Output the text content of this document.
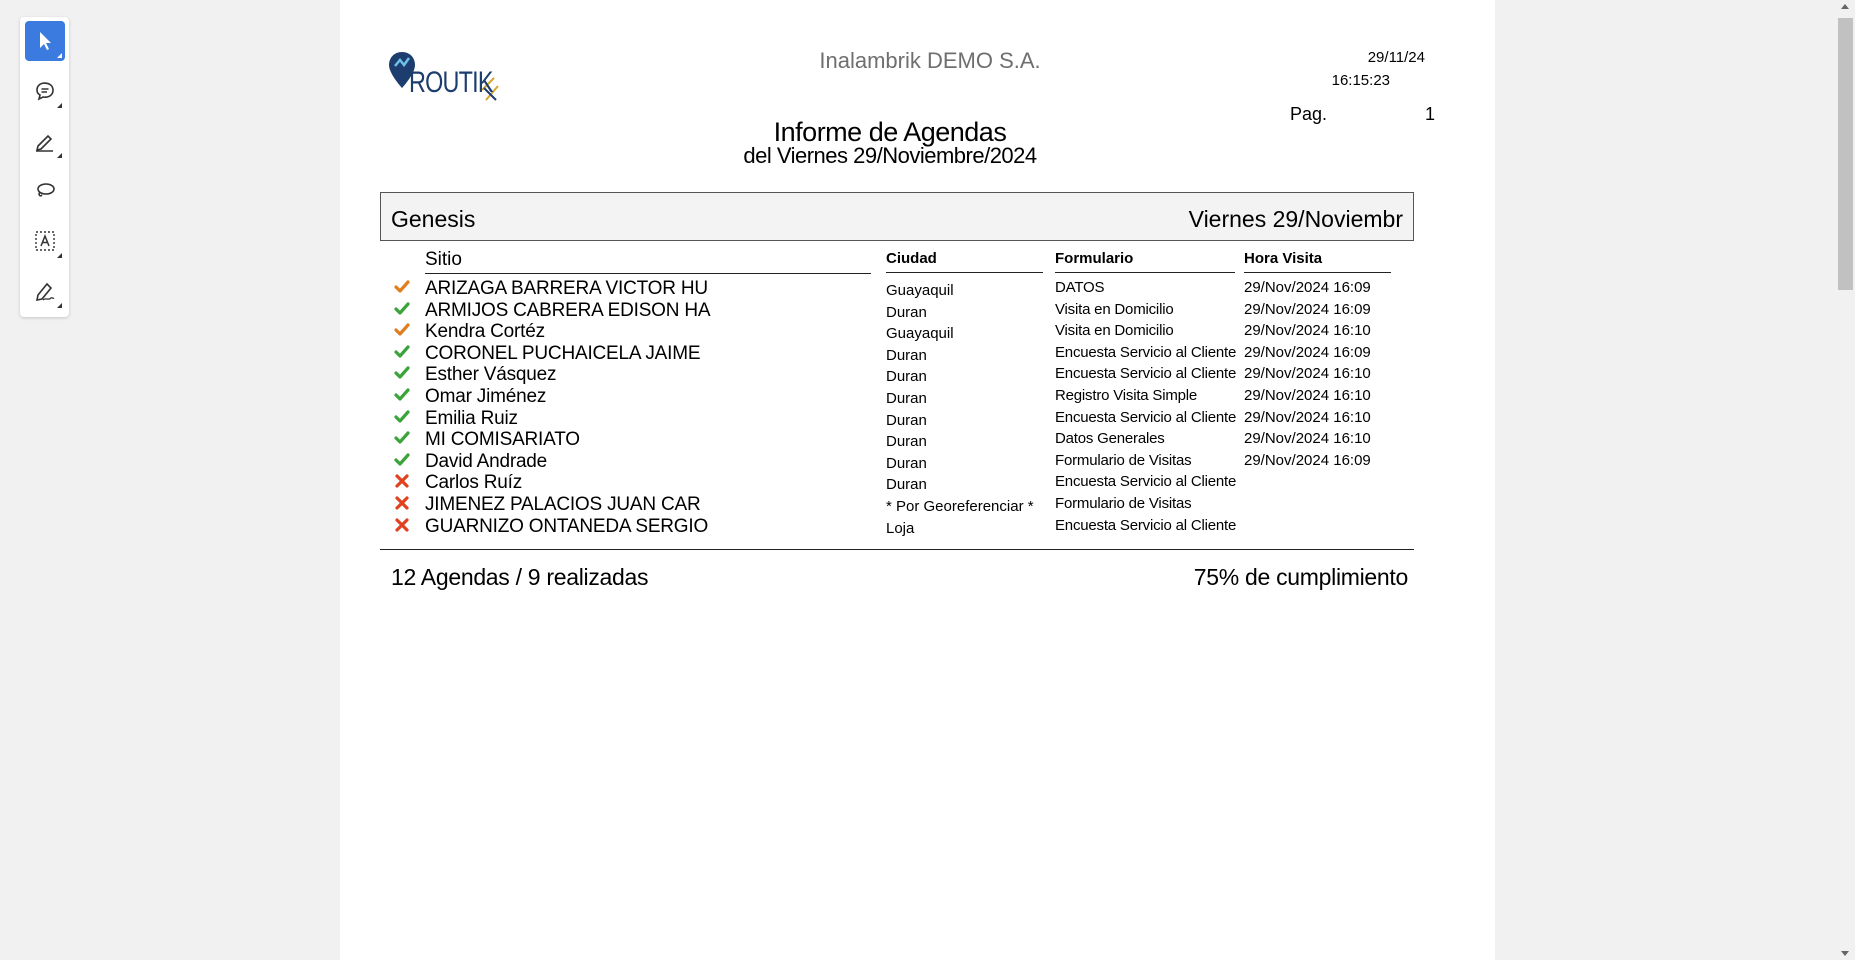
ROUTIK
Inalambrik DEMO S.A.	29/11/24
16:15:23
Pag.	1
Informe de Agendas
del Viernes 29/Noviembre/2024
Genesis	Viernes 29/Noviembr
Sitio	Ciudad	Formulario	Hora Visita
ARIZAGA BARRERA VICTOR HU	Guayaquil	DATOS	29/Nov/2024 16:09
ARMIJOS CABRERA EDISON HA	Duran	Visita en Domicilio	29/Nov/2024 16:09
Kendra Cortéz	Guayaquil	Visita en Domicilio	29/Nov/2024 16:10
CORONEL PUCHAICELA JAIME	Duran	Encuesta Servicio al Cliente 29/Nov/2024 16:09
Esther Vásquez	Duran	Encuesta Servicio al Cliente 29/Nov/2024 16:10
Omar Jiménez	Duran	Registro Visita Simple	29/Nov/2024 16:10
Emilia Ruiz	Duran	Encuesta Servicio al Cliente 29/Nov/2024 16:10
MI COMISARIATO	Duran	Datos Generales	29/Nov/2024 16:10
David Andrade	Duran	Formulario de Visitas	29/Nov/2024 16:09
Carlos Ruíz	Duran	Encuesta Servicio al Cliente
JIMENEZ PALACIOS JUAN CAR	* Por Georeferenciar * Formulario de Visitas
GUARNIZO ONTANEDA SERGIO	Loja	Encuesta Servicio al Cliente
12 Agendas / 9 realizadas	75% de cumplimiento
